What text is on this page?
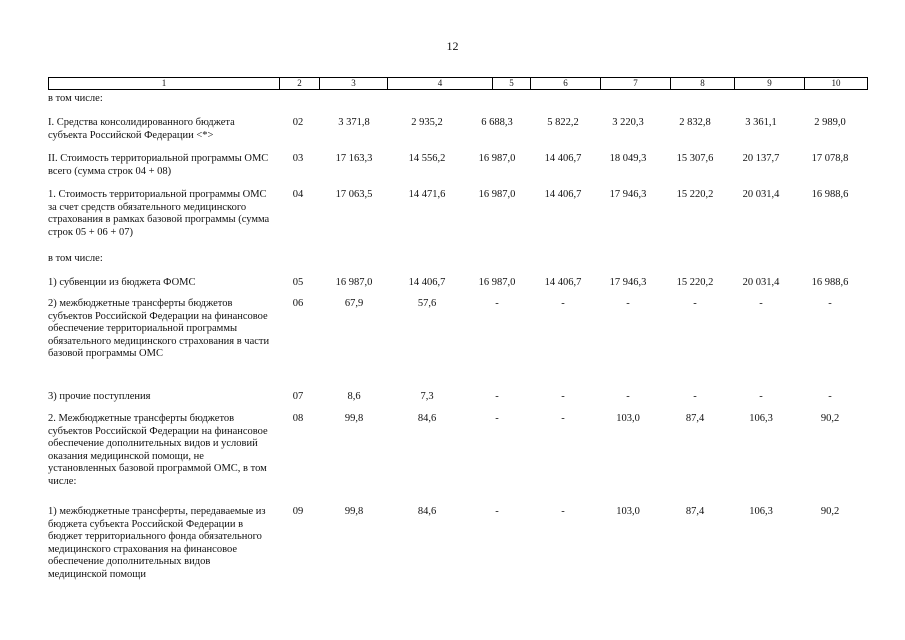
12
1	2	3	4	5	6	7	8	9	10
в том числе:
I. Средства консолидированного бюджета субъекта Российской Федерации <*>
02	3 371,8	2 935,2	6 688,3	5 822,2	3 220,3	2 832,8	3 361,1	2 989,0
II. Стоимость территориальной программы ОМС всего (сумма строк 04 + 08)
03	17 163,3	14 556,2	16 987,0	14 406,7	18 049,3	15 307,6	20 137,7	17 078,8
1. Стоимость территориальной программы ОМС за счет средств обязательного медицинского страхования в рамках базовой программы (сумма строк 05 + 06 + 07)
04	17 063,5	14 471,6	16 987,0	14 406,7	17 946,3	15 220,2	20 031,4	16 988,6
в том числе:
1) субвенции из бюджета ФОМС	05	16 987,0	14 406,7	16 987,0	14 406,7	17 946,3	15 220,2	20 031,4	16 988,6
2) межбюджетные трансферты бюджетов субъектов Российской Федерации на финансовое обеспечение территориальной программы обязательного медицинского страхования в части базовой программы ОМС
06	67,9	57,6	-	-	-	-	-	-
3) прочие поступления	07	8,6	7,3	-	-	-	-	-	-
2. Межбюджетные трансферты бюджетов субъектов Российской Федерации на финансовое обеспечение дополнительных видов и условий оказания медицинской помощи, не установленных базовой программой ОМС, в том числе:
08	99,8	84,6	-	-	103,0	87,4	106,3	90,2
1) межбюджетные трансферты, передаваемые из бюджета субъекта Российской Федерации в бюджет территориального фонда обязательного медицинского страхования на финансовое обеспечение дополнительных видов медицинской помощи
09	99,8	84,6	-	-	103,0	87,4	106,3	90,2
